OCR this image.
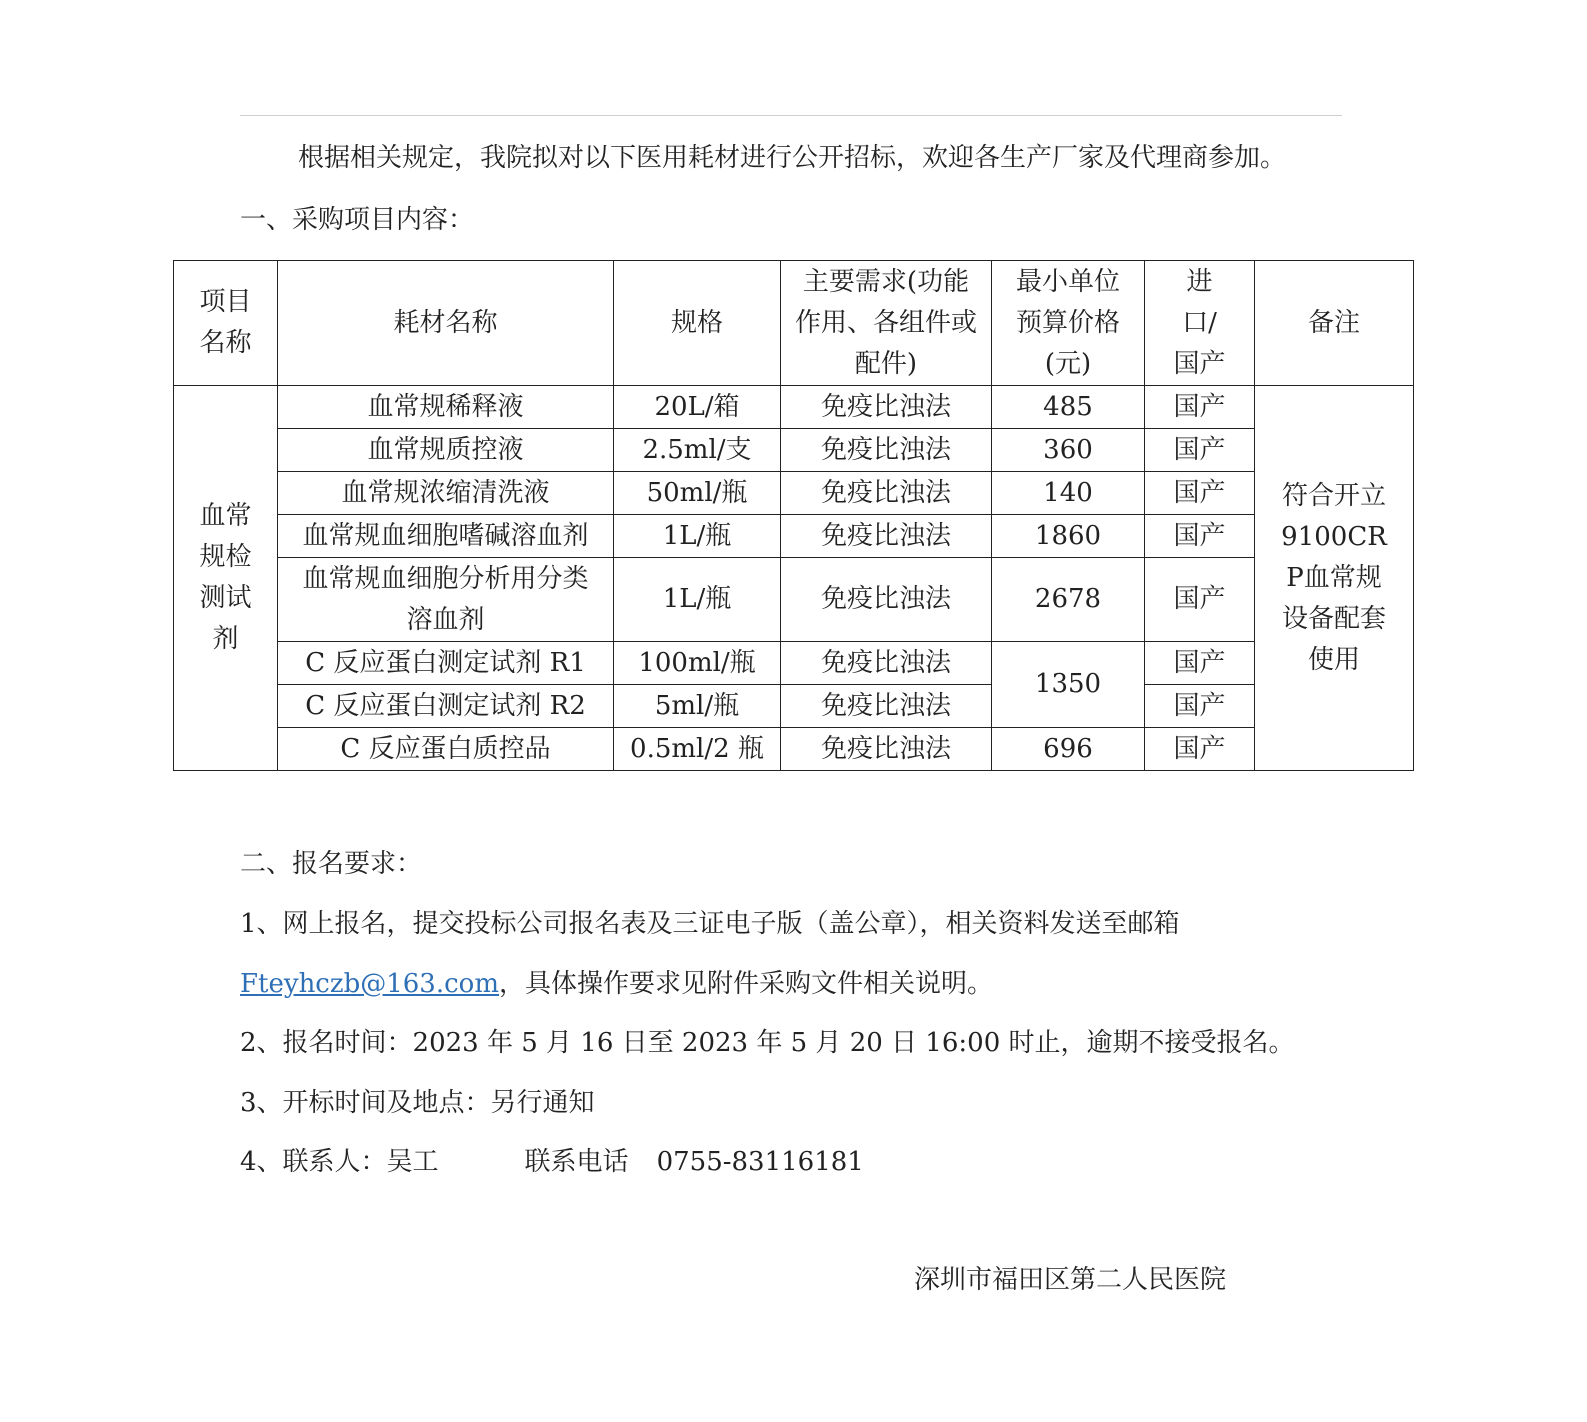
根据相关规定，我院拟对以下医用耗材进行公开招标，欢迎各生产厂家及代理商参加。
一、采购项目内容：
项目名称	耗材名称	规格	主要需求(功能作用、各组件或配件)	最小单位预算价格(元)	进口/国产	备注
血常规检测试剂	血常规稀释液	20L/箱	免疫比浊法	485	国产	符合开立9100CRP血常规设备配套使用
	血常规质控液	2.5ml/支	免疫比浊法	360	国产	
	血常规浓缩清洗液	50ml/瓶	免疫比浊法	140	国产	
	血常规血细胞嗜碱溶血剂	1L/瓶	免疫比浊法	1860	国产	
	血常规血细胞分析用分类溶血剂	1L/瓶	免疫比浊法	2678	国产	
	C 反应蛋白测定试剂 R1	100ml/瓶	免疫比浊法	1350	国产	
	C 反应蛋白测定试剂 R2	5ml/瓶	免疫比浊法		国产	
	C 反应蛋白质控品	0.5ml/2 瓶	免疫比浊法	696	国产	
二、报名要求：
1、网上报名，提交投标公司报名表及三证电子版（盖公章），相关资料发送至邮箱
Fteyhczb@163.com，具体操作要求见附件采购文件相关说明。
2、报名时间：2023 年 5 月 16 日至 2023 年 5 月 20 日 16:00 时止，逾期不接受报名。
3、开标时间及地点：另行通知
4、联系人：吴工	联系电话 0755-83116181
深圳市福田区第二人民医院
